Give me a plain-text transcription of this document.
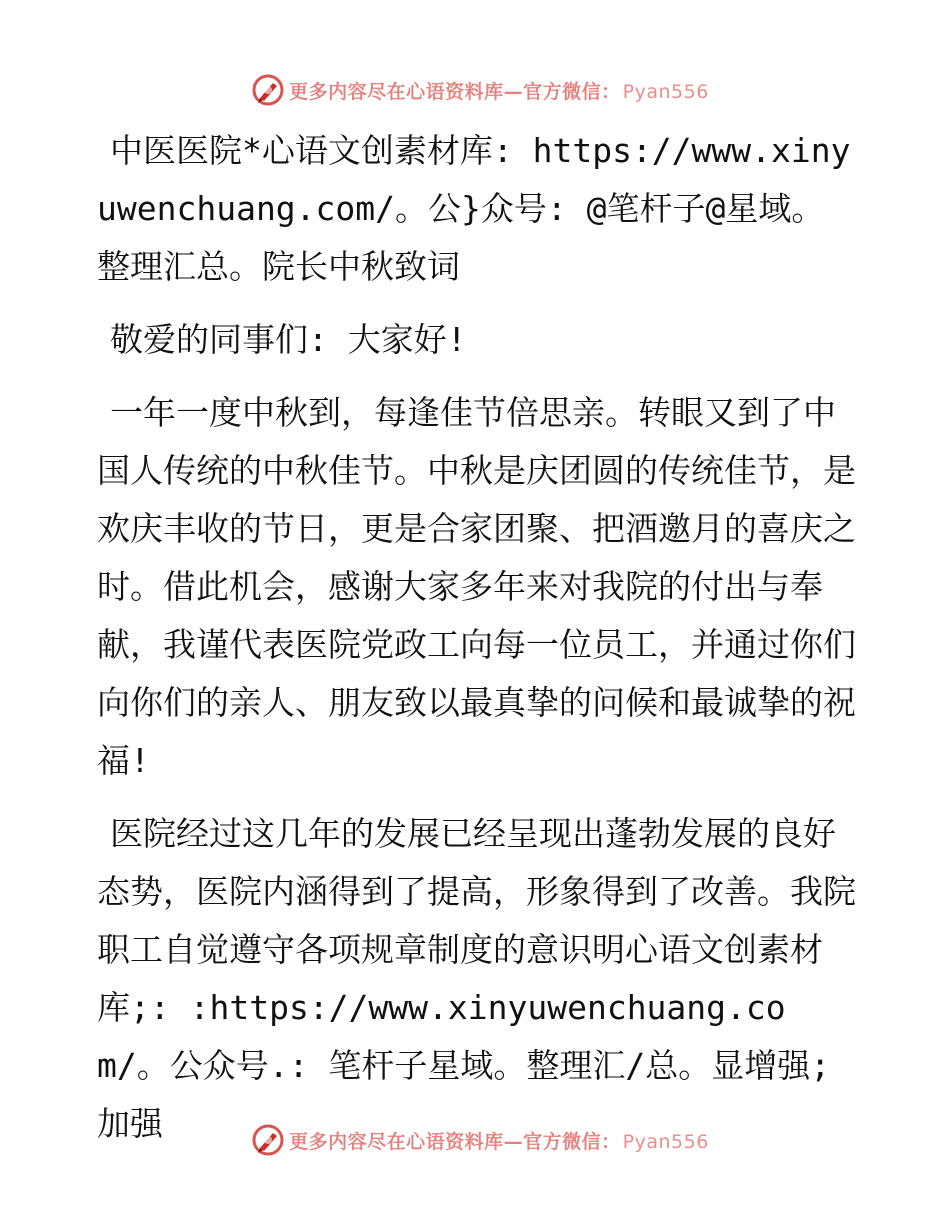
更多内容尽在心语资料库—官方微信： Pyan556

中医医院*心语文创素材库: https://www.xinyuwenchuang.com/。公}众号: @笔杆子@星域。整理汇总。院长中秋致词

敬爱的同事们: 大家好!

一年一度中秋到，每逢佳节倍思亲。转眼又到了中国人传统的中秋佳节。中秋是庆团圆的传统佳节，是欢庆丰收的节日，更是合家团聚、把酒邀月的喜庆之时。借此机会，感谢大家多年来对我院的付出与奉献，我谨代表医院党政工向每一位员工，并通过你们向你们的亲人、朋友致以最真挚的问候和最诚挚的祝福!

医院经过这几年的发展已经呈现出蓬勃发展的良好态势，医院内涵得到了提高，形象得到了改善。我院职工自觉遵守各项规章制度的意识明心语文创素材库;: :https://www.xinyuwenchuang.com/。公众号.: 笔杆子星域。整理汇/总。显增强;加强	更多内容尽在心语资料库—官方微信： Pyan556
